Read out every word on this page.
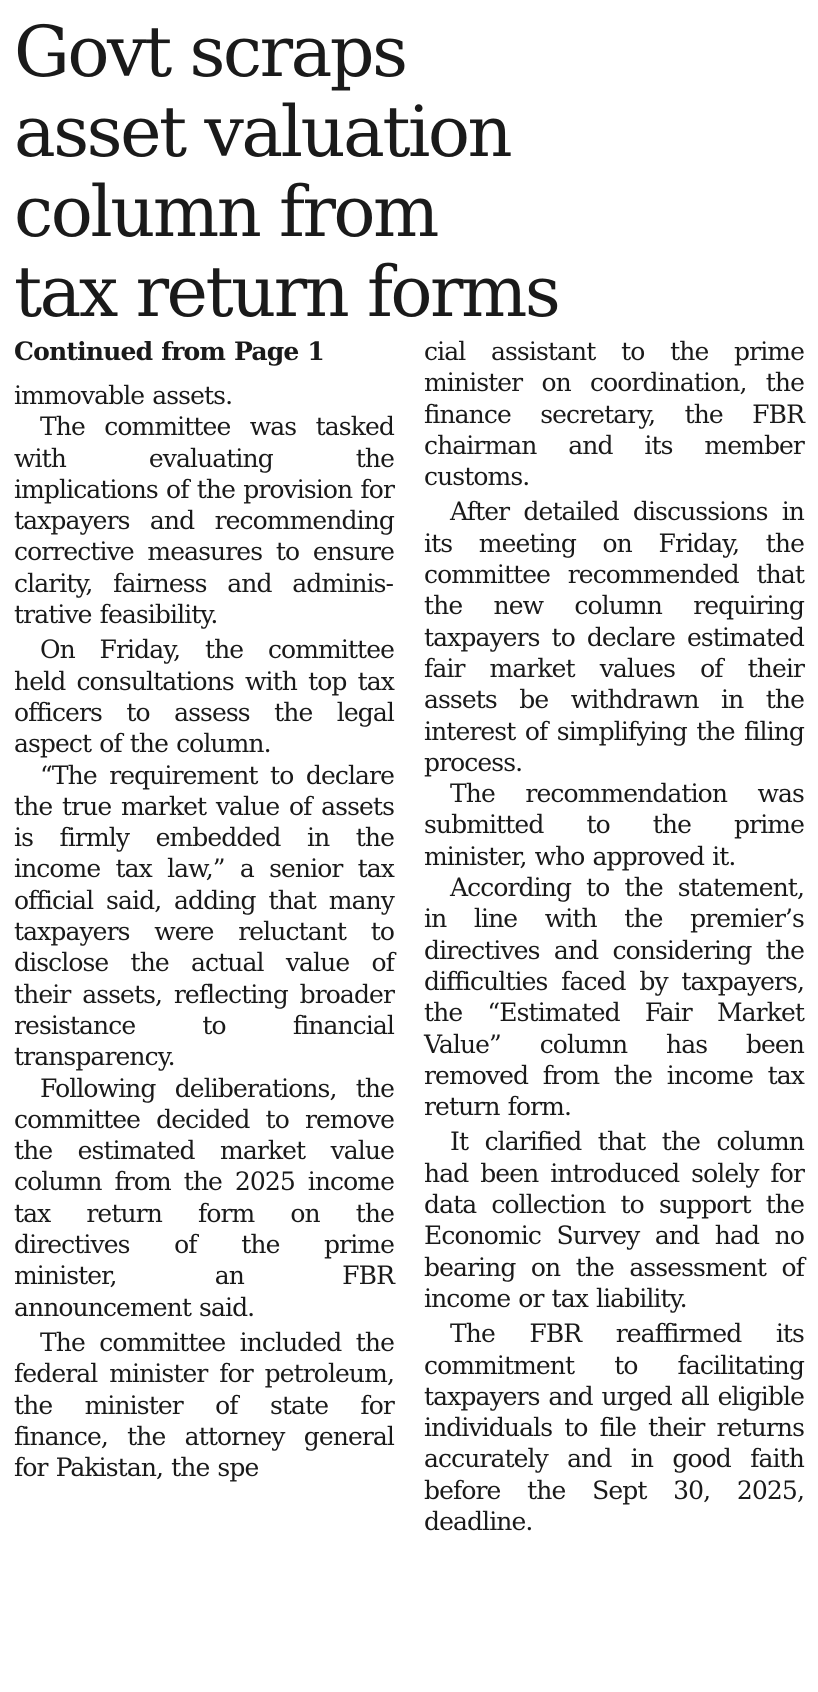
Govt scraps
asset valuation
column from
tax return forms
Continued from Page 1

immovable assets.

The committee was tasked with evaluating the implications of the provision for taxpayers and recommending corrective measures to ensure clarity, fairness and administrative feasibility.

On Friday, the committee held consultations with top tax officers to assess the legal aspect of the column.

“The requirement to declare the true market value of assets is firmly embedded in the income tax law,” a senior tax official said, adding that many taxpayers were reluctant to disclose the actual value of their assets, reflecting broader resistance to financial transparency.

Following deliberations, the committee decided to remove the estimated market value column from the 2025 income tax return form on the directives of the prime minister, an FBR announcement said.

The committee included the federal minister for petroleum, the minister of state for finance, the attorney general for Pakistan, the spe

cial assistant to the prime minister on coordination, the finance secretary, the FBR chairman and its member customs.

After detailed discussions in its meeting on Friday, the committee recommended that the new column requiring taxpayers to declare estimated fair market values of their assets be withdrawn in the interest of simplifying the filing process.

The recommendation was submitted to the prime minister, who approved it.

According to the statement, in line with the premier’s directives and considering the difficulties faced by taxpayers, the “Estimated Fair Market Value” column has been removed from the income tax return form.

It clarified that the column had been introduced solely for data collection to support the Economic Survey and had no bearing on the assessment of income or tax liability.

The FBR reaffirmed its commitment to facilitating taxpayers and urged all eligible individuals to file their returns accurately and in good faith before the Sept 30, 2025, deadline.
